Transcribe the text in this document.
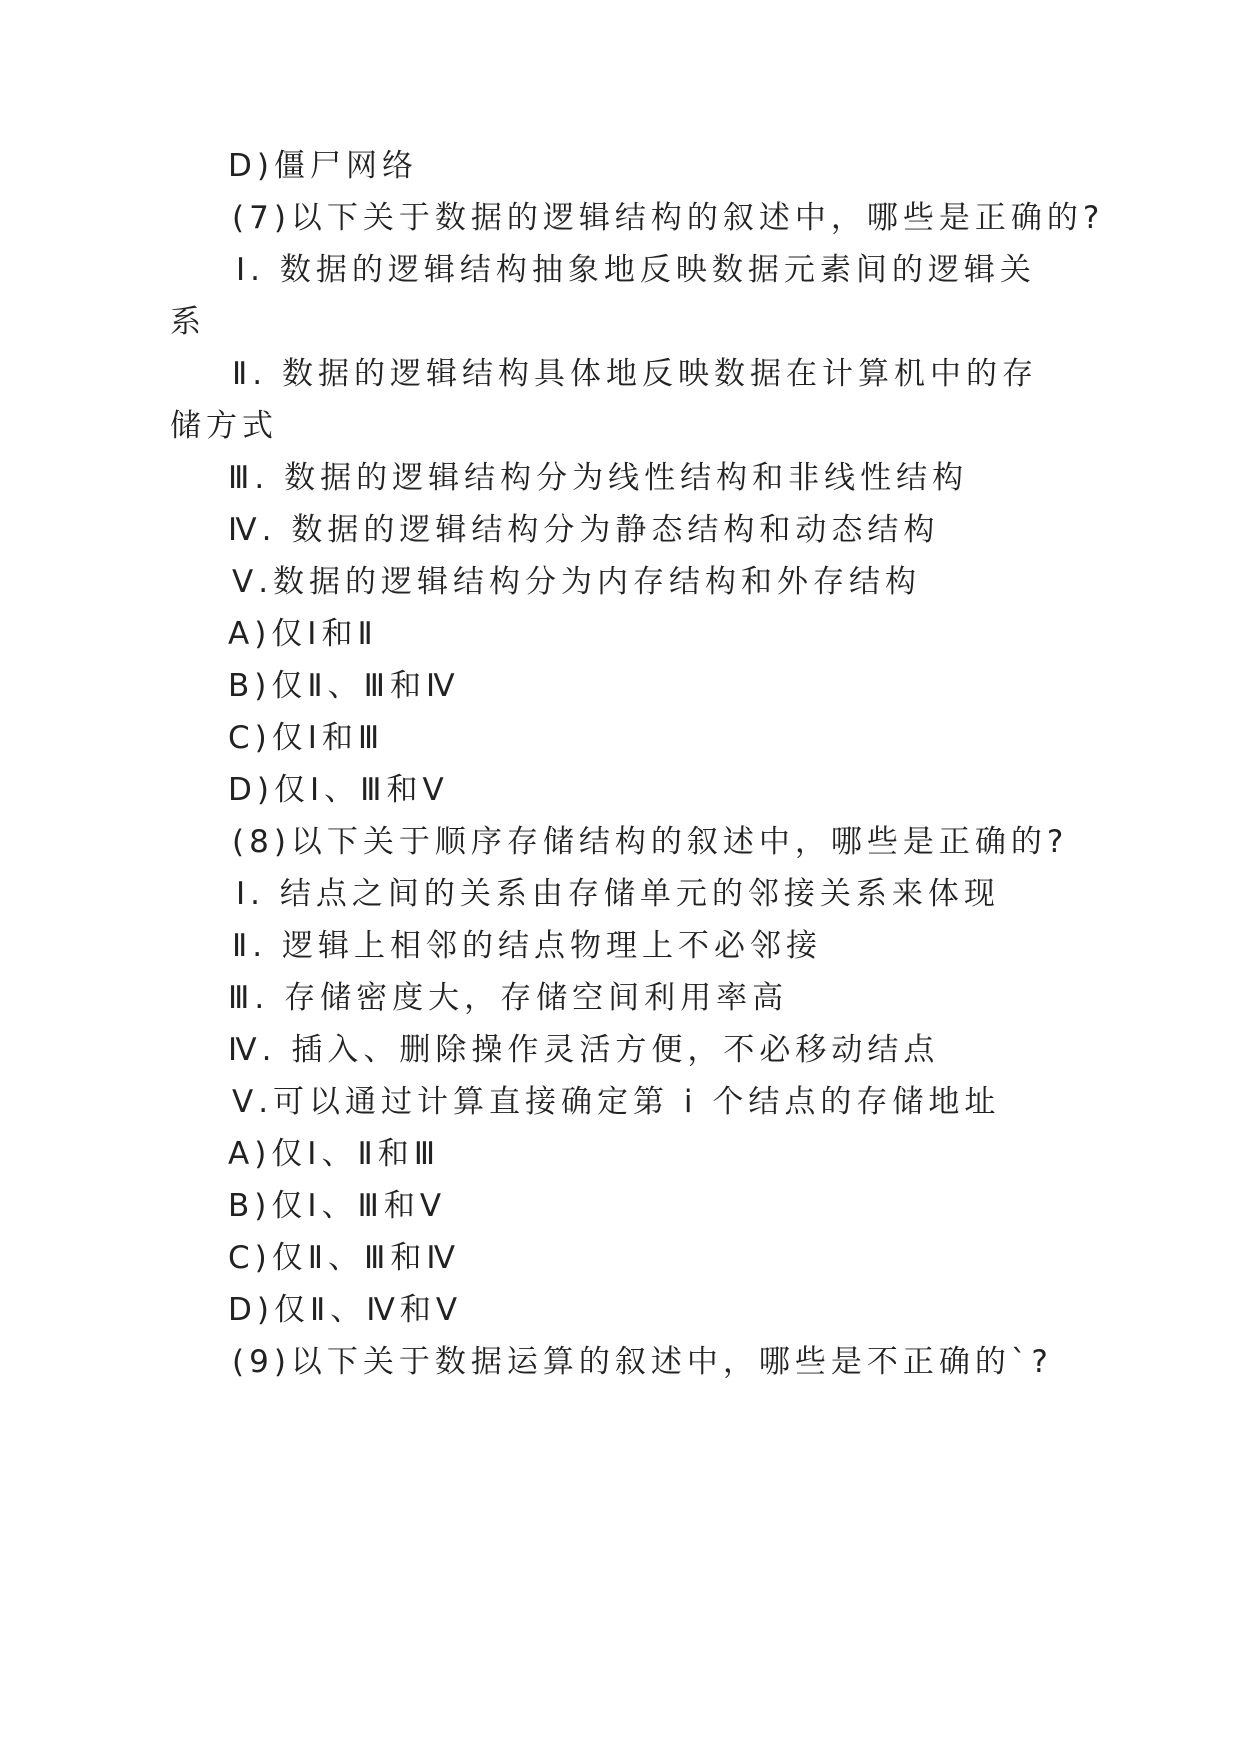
D)僵尸网络
(7)以下关于数据的逻辑结构的叙述中，哪些是正确的?
Ⅰ. 数据的逻辑结构抽象地反映数据元素间的逻辑关
系
Ⅱ. 数据的逻辑结构具体地反映数据在计算机中的存
储方式
Ⅲ. 数据的逻辑结构分为线性结构和非线性结构
Ⅳ. 数据的逻辑结构分为静态结构和动态结构
Ⅴ.数据的逻辑结构分为内存结构和外存结构
A)仅Ⅰ和Ⅱ
B)仅Ⅱ、Ⅲ和Ⅳ
C)仅Ⅰ和Ⅲ
D)仅Ⅰ、Ⅲ和Ⅴ
(8)以下关于顺序存储结构的叙述中，哪些是正确的?
Ⅰ. 结点之间的关系由存储单元的邻接关系来体现
Ⅱ. 逻辑上相邻的结点物理上不必邻接
Ⅲ. 存储密度大，存储空间利用率高
Ⅳ. 插入、删除操作灵活方便，不必移动结点
Ⅴ.可以通过计算直接确定第 i 个结点的存储地址
A)仅Ⅰ、Ⅱ和Ⅲ
B)仅Ⅰ、Ⅲ和Ⅴ
C)仅Ⅱ、Ⅲ和Ⅳ
D)仅Ⅱ、Ⅳ和Ⅴ
(9)以下关于数据运算的叙述中，哪些是不正确的`?
